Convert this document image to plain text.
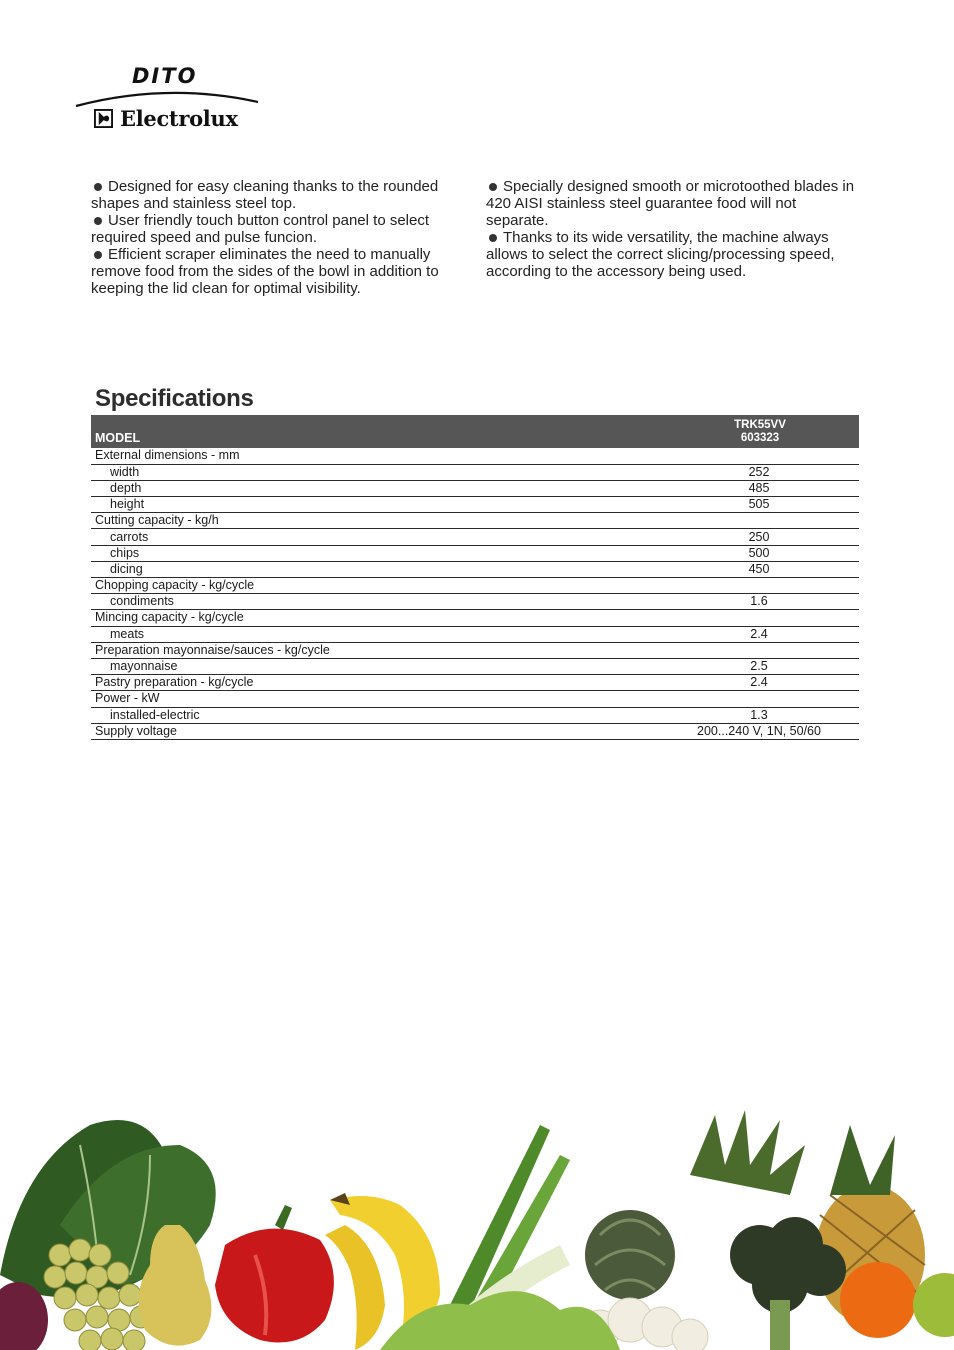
DITO
Electrolux
Designed for easy cleaning thanks to the rounded shapes and stainless steel top.
User friendly touch button control panel to select required speed and pulse funcion.
Efficient scraper eliminates the need to manually remove food from the sides of the bowl in addition to keeping the lid clean for optimal visibility.
Specially designed smooth or microtoothed blades in 420 AISI stainless steel guarantee food will not separate.
Thanks to its wide versatility, the machine always allows to select the correct slicing/processing speed, according to the accessory being used.
Specifications
MODEL	TRK55VV
603323

External dimensions - mm	
width	252
depth	485
height	505
Cutting capacity - kg/h	
carrots	250
chips	500
dicing	450
Chopping capacity - kg/cycle	
condiments	1.6
Mincing capacity - kg/cycle	
meats	2.4
Preparation mayonnaise/sauces - kg/cycle	
mayonnaise	2.5
Pastry preparation - kg/cycle	2.4
Power - kW	
installed-electric	1.3
Supply voltage	200...240 V, 1N, 50/60
